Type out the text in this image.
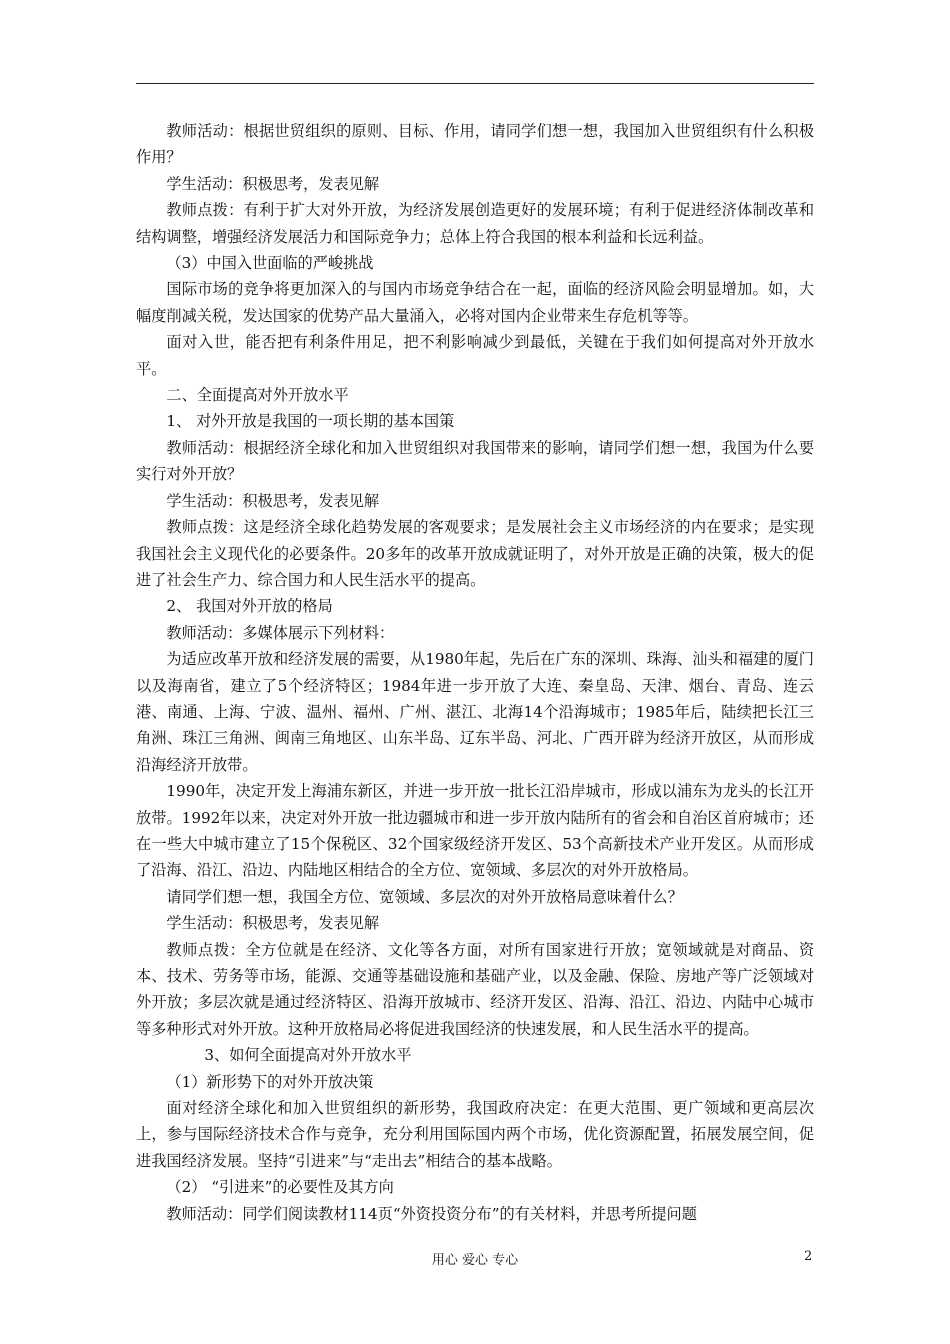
教师活动：根据世贸组织的原则、目标、作用，请同学们想一想，我国加入世贸组织有什么积极作用？

学生活动：积极思考，发表见解

教师点拨：有利于扩大对外开放，为经济发展创造更好的发展环境；有利于促进经济体制改革和结构调整，增强经济发展活力和国际竞争力；总体上符合我国的根本利益和长远利益。

（3）中国入世面临的严峻挑战

国际市场的竞争将更加深入的与国内市场竞争结合在一起，面临的经济风险会明显增加。如，大幅度削减关税，发达国家的优势产品大量涌入，必将对国内企业带来生存危机等等。

面对入世，能否把有利条件用足，把不利影响减少到最低，关键在于我们如何提高对外开放水平。

二、全面提高对外开放水平

1、 对外开放是我国的一项长期的基本国策

教师活动：根据经济全球化和加入世贸组织对我国带来的影响，请同学们想一想，我国为什么要实行对外开放？

学生活动：积极思考，发表见解

教师点拨：这是经济全球化趋势发展的客观要求；是发展社会主义市场经济的内在要求；是实现我国社会主义现代化的必要条件。20多年的改革开放成就证明了，对外开放是正确的决策，极大的促进了社会生产力、综合国力和人民生活水平的提高。

2、 我国对外开放的格局

教师活动：多媒体展示下列材料：

为适应改革开放和经济发展的需要，从1980年起，先后在广东的深圳、珠海、汕头和福建的厦门以及海南省，建立了5个经济特区；1984年进一步开放了大连、秦皇岛、天津、烟台、青岛、连云港、南通、上海、宁波、温州、福州、广州、湛江、北海14个沿海城市；1985年后，陆续把长江三角洲、珠江三角洲、闽南三角地区、山东半岛、辽东半岛、河北、广西开辟为经济开放区，从而形成沿海经济开放带。

1990年，决定开发上海浦东新区，并进一步开放一批长江沿岸城市，形成以浦东为龙头的长江开放带。1992年以来，决定对外开放一批边疆城市和进一步开放内陆所有的省会和自治区首府城市；还在一些大中城市建立了15个保税区、32个国家级经济开发区、53个高新技术产业开发区。从而形成了沿海、沿江、沿边、内陆地区相结合的全方位、宽领域、多层次的对外开放格局。

请同学们想一想，我国全方位、宽领域、多层次的对外开放格局意味着什么？

学生活动：积极思考，发表见解

教师点拨：全方位就是在经济、文化等各方面，对所有国家进行开放；宽领域就是对商品、资本、技术、劳务等市场，能源、交通等基础设施和基础产业，以及金融、保险、房地产等广泛领域对外开放；多层次就是通过经济特区、沿海开放城市、经济开发区、沿海、沿江、沿边、内陆中心城市等多种形式对外开放。这种开放格局必将促进我国经济的快速发展，和人民生活水平的提高。

3、如何全面提高对外开放水平

（1）新形势下的对外开放决策

面对经济全球化和加入世贸组织的新形势，我国政府决定：在更大范围、更广领域和更高层次上，参与国际经济技术合作与竞争，充分利用国际国内两个市场，优化资源配置，拓展发展空间，促进我国经济发展。坚持“引进来”与“走出去”相结合的基本战略。

（2） “引进来”的必要性及其方向

教师活动：同学们阅读教材114页“外资投资分布”的有关材料，并思考所提问题

用心 爱心 专心	2
